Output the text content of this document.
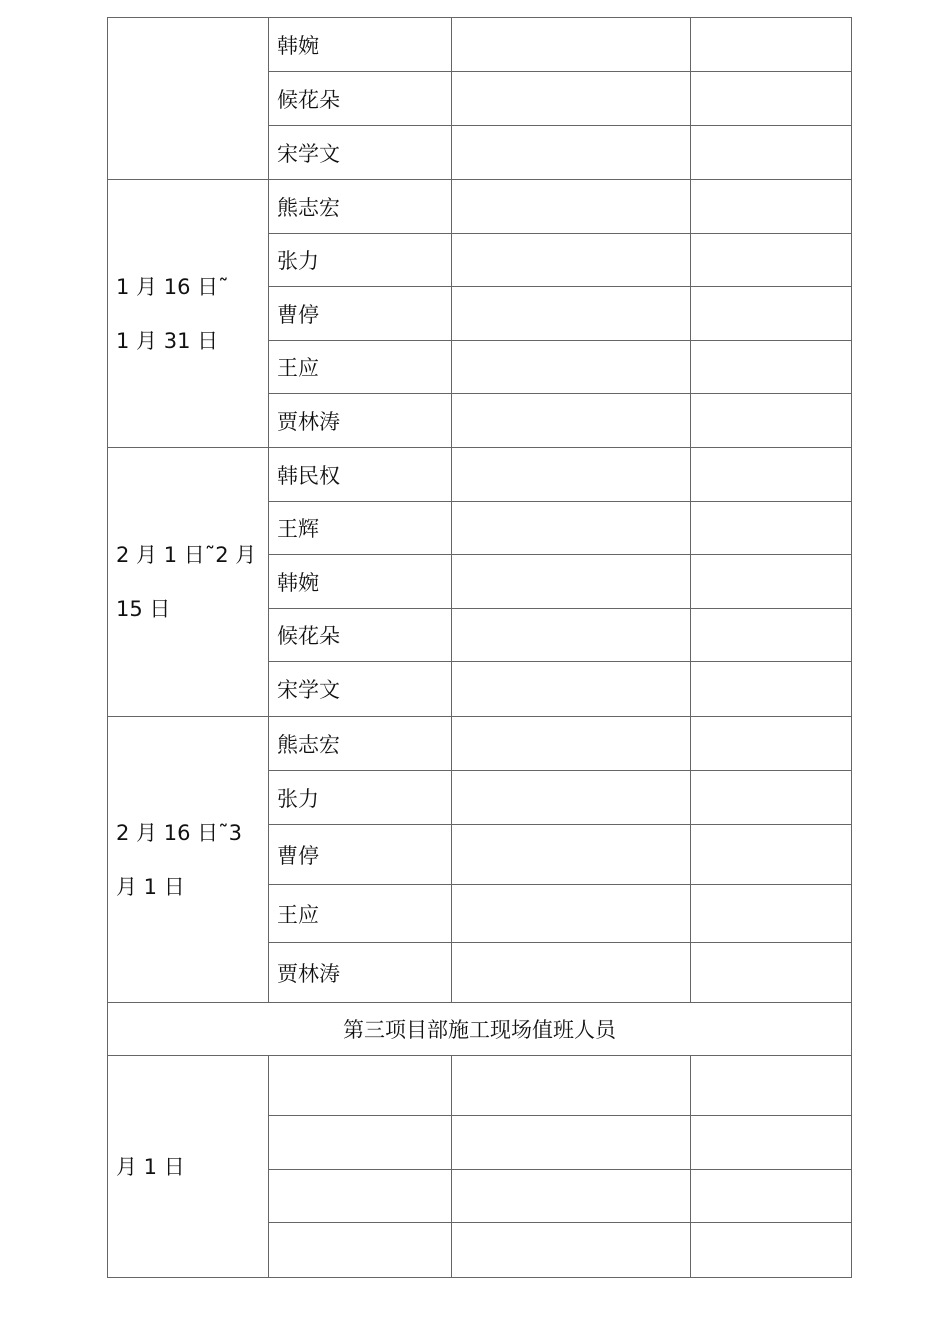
	韩婉		
	候花朵		
	宋学文		

1 月 16 日˜
1 月 31 日	熊志宏		
	张力		
	曹停		
	王应		
	贾林涛		

2 月 1 日˜2 月
15 日	韩民权		
	王辉		
	韩婉		
	候花朵		
	宋学文		

2 月 16 日˜3
月 1 日	熊志宏		
	张力		
	曹停		
	王应		
	贾林涛		
第三项目部施工现场值班人员			

月 1 日			
